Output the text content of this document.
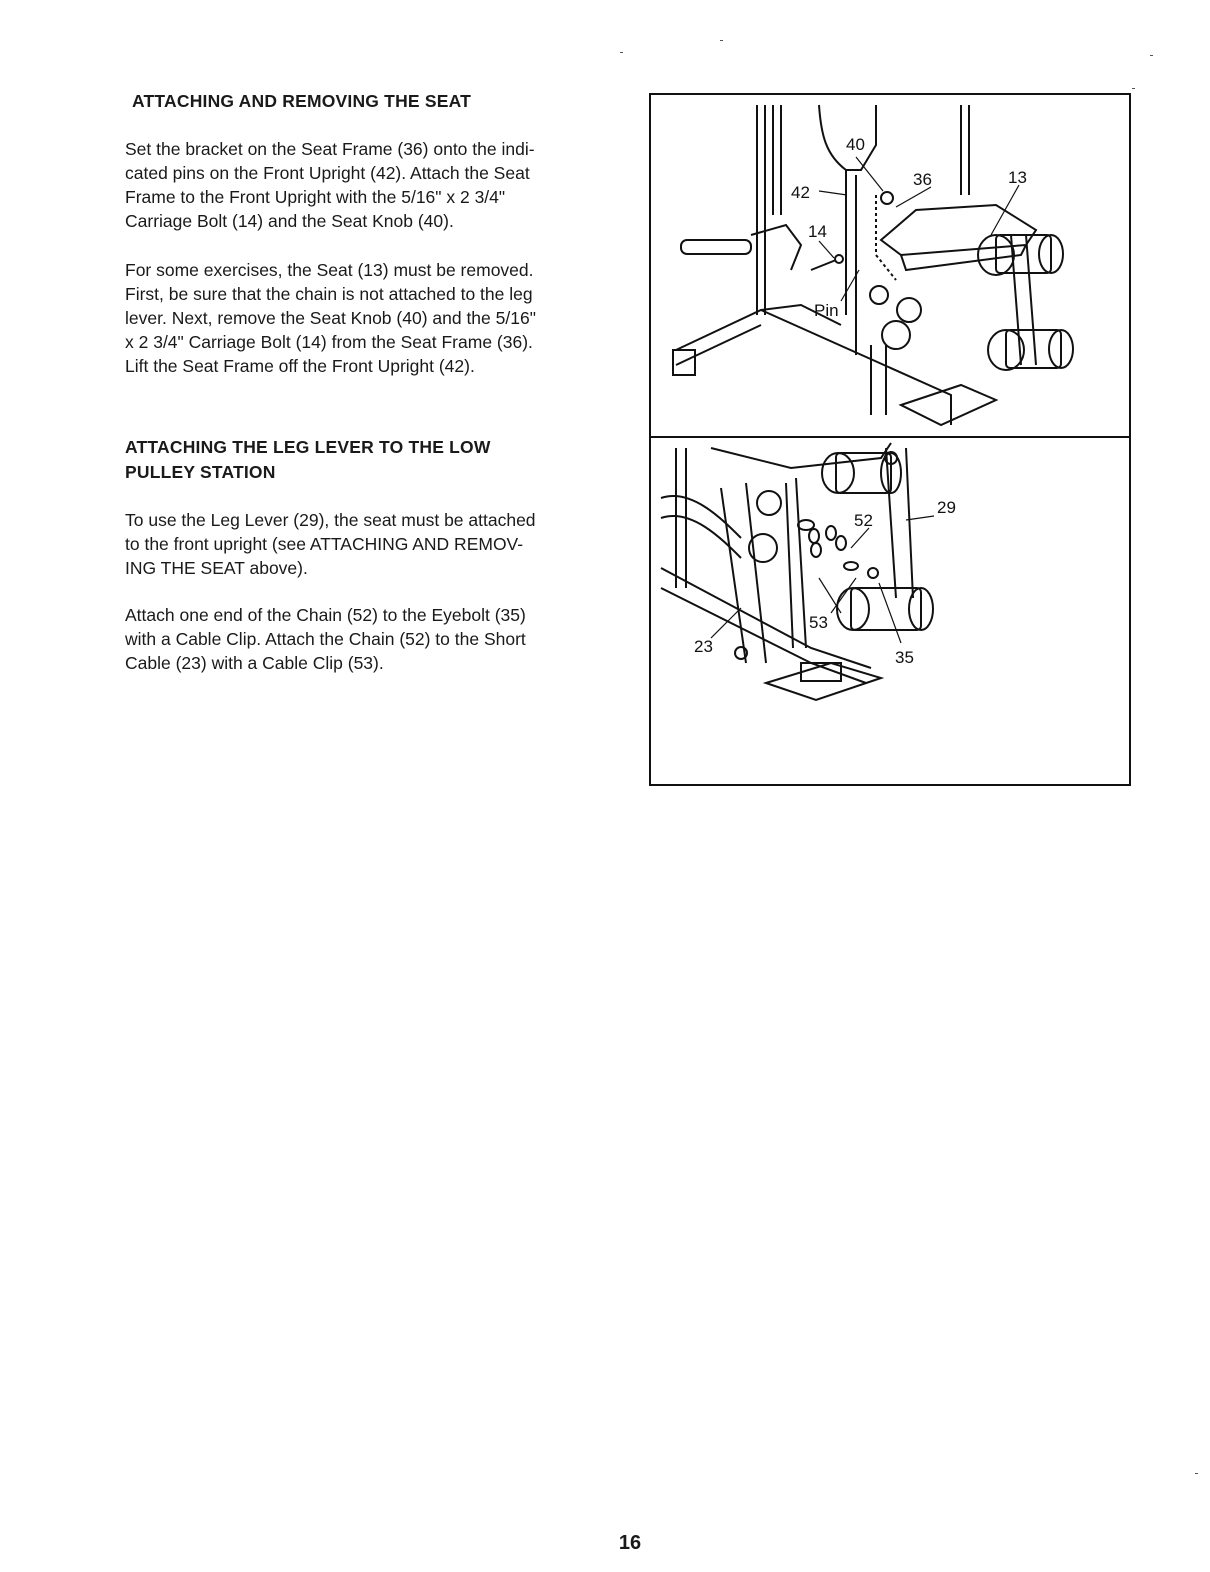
ATTACHING AND REMOVING THE SEAT
Set the bracket on the Seat Frame (36) onto the indi-
cated pins on the Front Upright (42). Attach the Seat
Frame to the Front Upright with the 5/16" x 2 3/4"
Carriage Bolt (14) and the Seat Knob (40).
For some exercises, the Seat (13) must be removed.
First, be sure that the chain is not attached to the leg
lever. Next, remove the Seat Knob (40) and the 5/16"
x 2 3/4" Carriage Bolt (14) from the Seat Frame (36).
Lift the Seat Frame off the Front Upright (42).
ATTACHING THE LEG LEVER TO THE LOW
PULLEY STATION
To use the Leg Lever (29), the seat must be attached
to the front upright (see ATTACHING AND REMOV-
ING THE SEAT above).
Attach one end of the Chain (52) to the Eyebolt (35)
with a Cable Clip. Attach the Chain (52) to the Short
Cable (23) with a Cable Clip (53).
40
36	13
42
14
Pin
52
29
53
23
35
16
